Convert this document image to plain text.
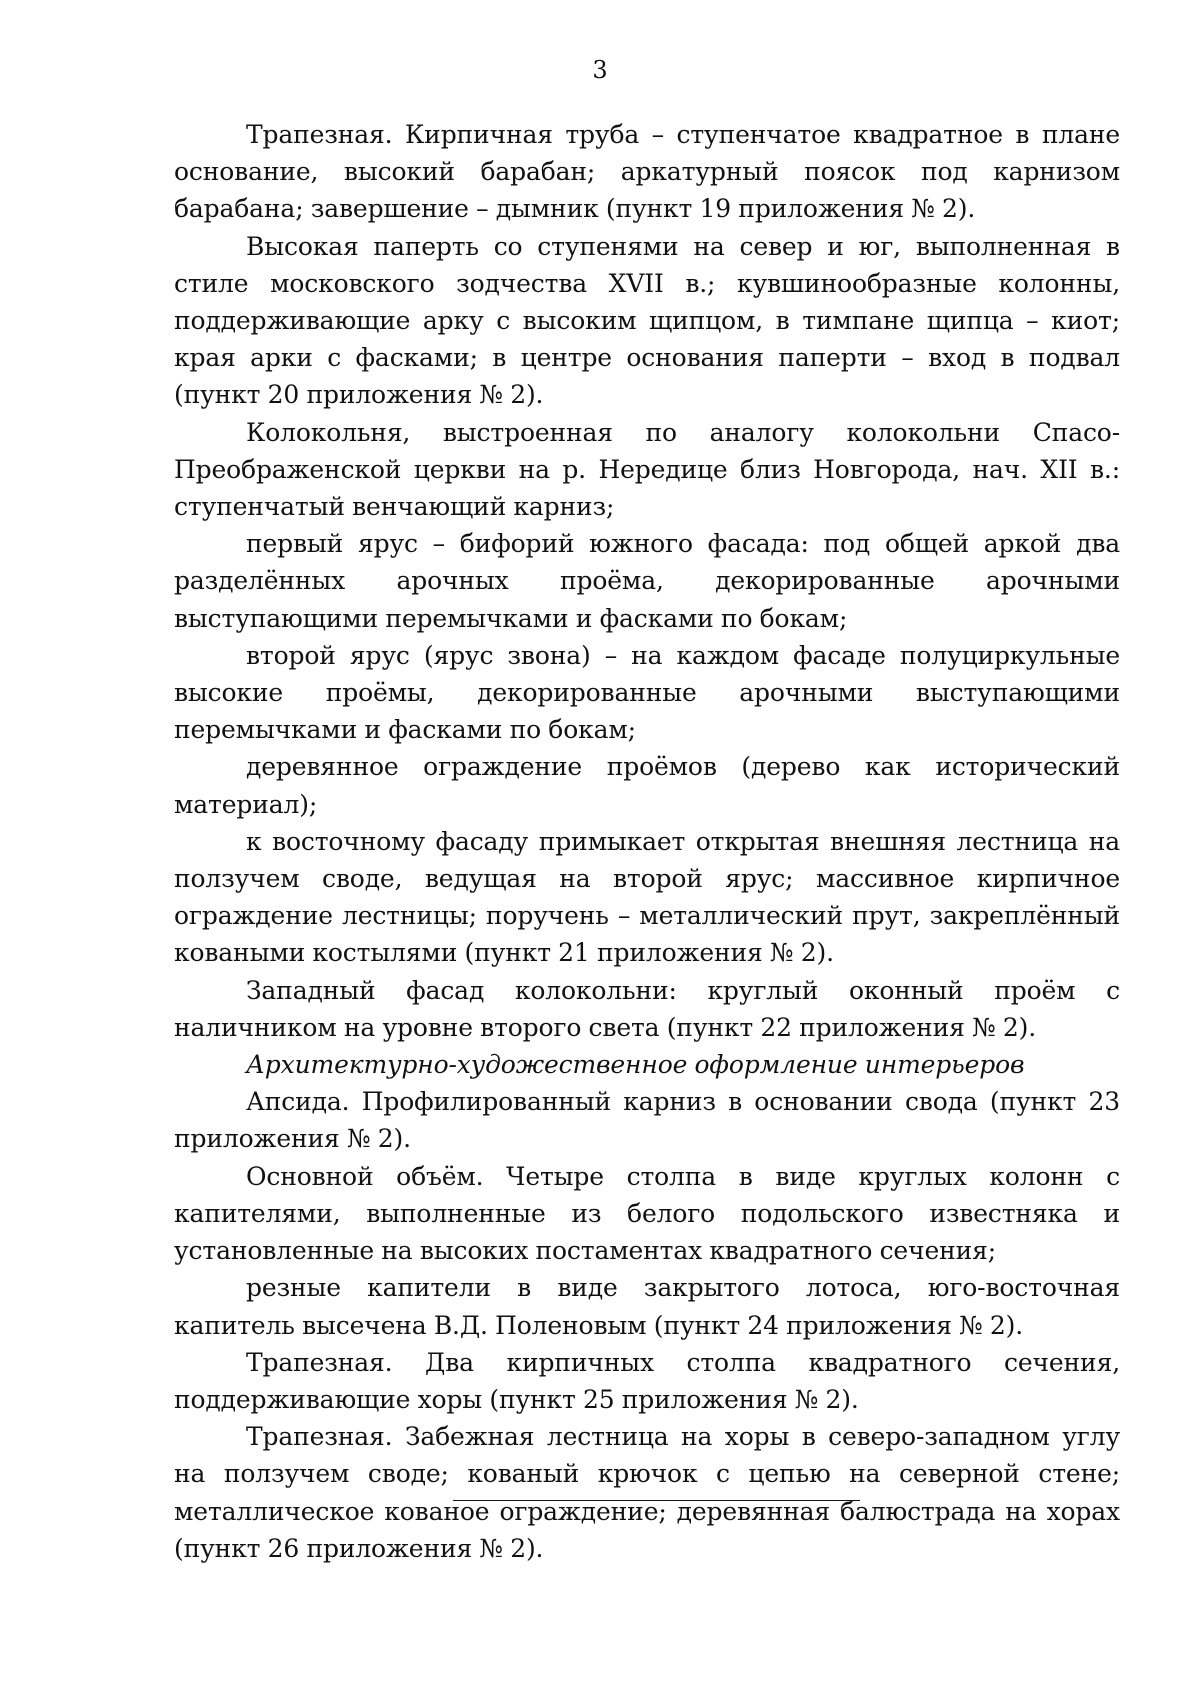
3

Трапезная. Кирпичная труба – ступенчатое квадратное в плане основание, высокий барабан; аркатурный поясок под карнизом барабана; завершение – дымник (пункт 19 приложения № 2).

Высокая паперть со ступенями на север и юг, выполненная в стиле московского зодчества XVII в.; кувшинообразные колонны, поддерживающие арку с высоким щипцом, в тимпане щипца – киот; края арки с фасками; в центре основания паперти – вход в подвал (пункт 20 приложения № 2).

Колокольня, выстроенная по аналогу колокольни Спасо-Преображенской церкви на р. Нередице близ Новгорода, нач. XII в.: ступенчатый венчающий карниз;

первый ярус – бифорий южного фасада: под общей аркой два разделённых арочных проёма, декорированные арочными выступающими перемычками и фасками по бокам;

второй ярус (ярус звона) – на каждом фасаде полуциркульные высокие проёмы, декорированные арочными выступающими перемычками и фасками по бокам;

деревянное ограждение проёмов (дерево как исторический материал);

к восточному фасаду примыкает открытая внешняя лестница на ползучем своде, ведущая на второй ярус; массивное кирпичное ограждение лестницы; поручень – металлический прут, закреплённый коваными костылями (пункт 21 приложения № 2).

Западный фасад колокольни: круглый оконный проём с наличником на уровне второго света (пункт 22 приложения № 2).

Архитектурно-художественное оформление интерьеров

Апсида. Профилированный карниз в основании свода (пункт 23 приложения № 2).

Основной объём. Четыре столпа в виде круглых колонн с капителями, выполненные из белого подольского известняка и установленные на высоких постаментах квадратного сечения;

резные капители в виде закрытого лотоса, юго-восточная капитель высечена В.Д. Поленовым (пункт 24 приложения № 2).

Трапезная. Два кирпичных столпа квадратного сечения, поддерживающие хоры (пункт 25 приложения № 2).

Трапезная. Забежная лестница на хоры в северо-западном углу на ползучем своде; кованый крючок с цепью на северной стене; металлическое кованое ограждение; деревянная балюстрада на хорах (пункт 26 приложения № 2).
